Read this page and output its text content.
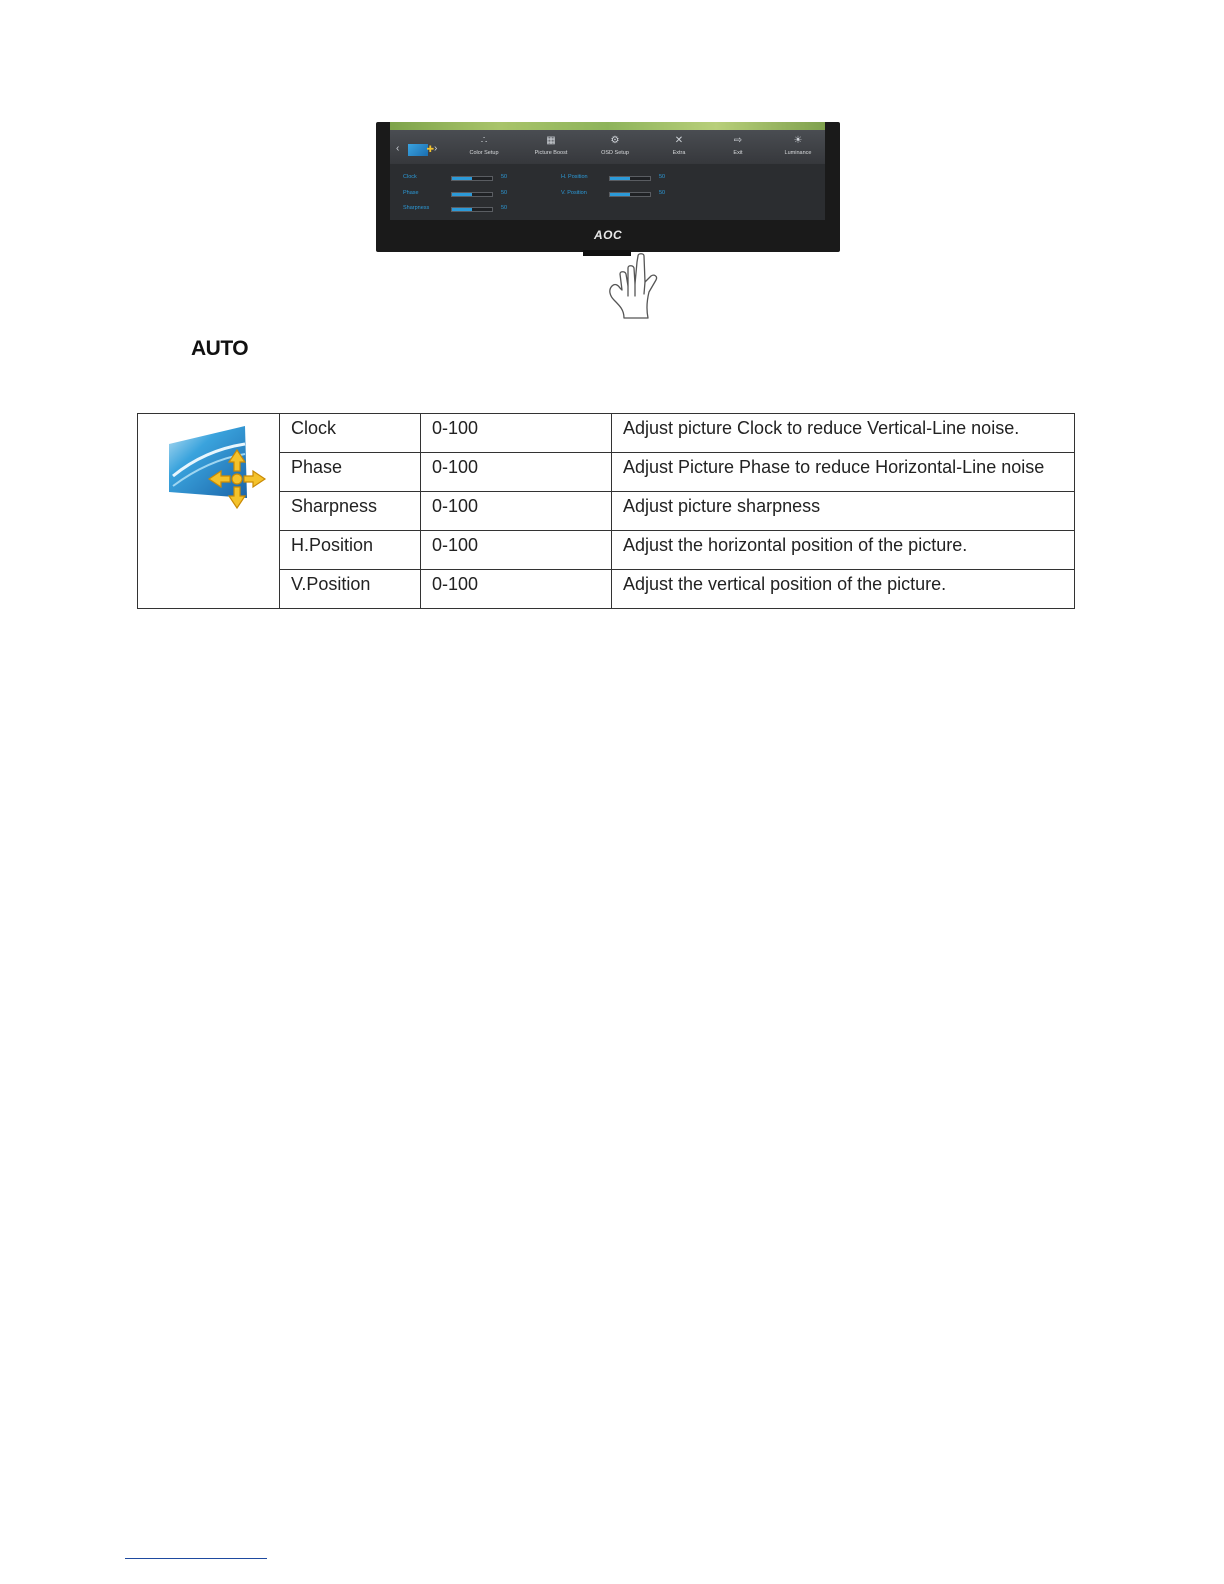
‹ ✚	›
∴
Color Setup
▦
Picture Boost
⚙
OSD Setup
✕
Extra
⇨
Exit
☀
Luminance
Clock	50
Phase	50
Sharpness	50
H. Position	50
V. Position	50
AOC
AUTO
	Clock	0-100	Adjust picture Clock to reduce Vertical-Line noise.
	Phase	0-100	Adjust Picture Phase to reduce Horizontal-Line noise
	Sharpness	0-100	Adjust picture sharpness
	H.Position	0-100	Adjust the horizontal position of the picture.
	V.Position	0-100	Adjust the vertical position of the picture.
